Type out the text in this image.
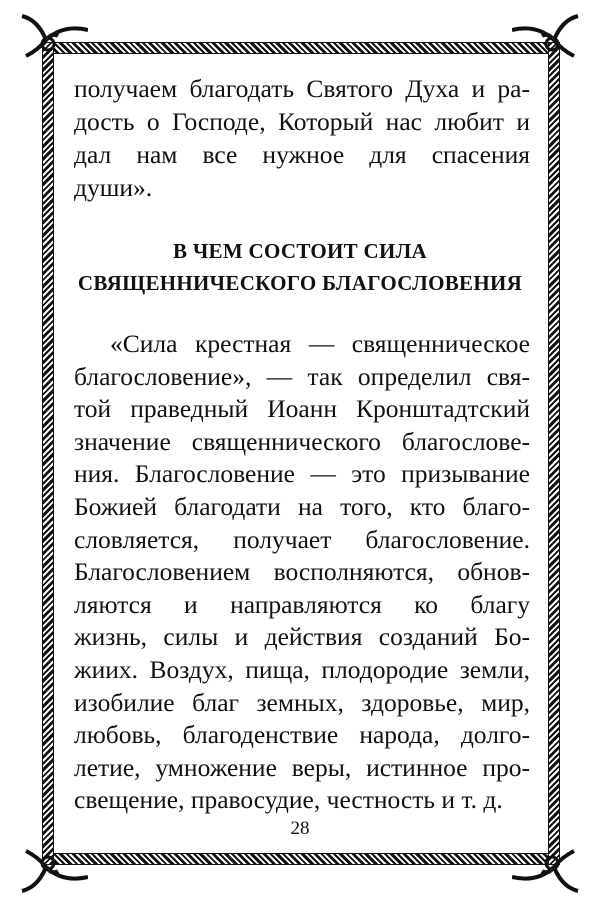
получаем благодать Святого Духа и ра-
дость о Господе, Который нас любит и
дал нам все нужное для спасения
души».
В ЧЕМ СОСТОИТ СИЛА
СВЯЩЕННИЧЕСКОГО БЛАГОСЛОВЕНИЯ
«Сила крестная — священническое
благословение», — так определил свя-
той праведный Иоанн Кронштадтский
значение священнического благослове-
ния. Благословение — это призывание
Божией благодати на того, кто благо-
словляется, получает благословение.
Благословением восполняются, обнов-
ляются и направляются ко благу
жизнь, силы и действия созданий Бо-
жиих. Воздух, пища, плодородие земли,
изобилие благ земных, здоровье, мир,
любовь, благоденствие народа, долго-
летие, умножение веры, истинное про-
свещение, правосудие, честность и т. д.
28
